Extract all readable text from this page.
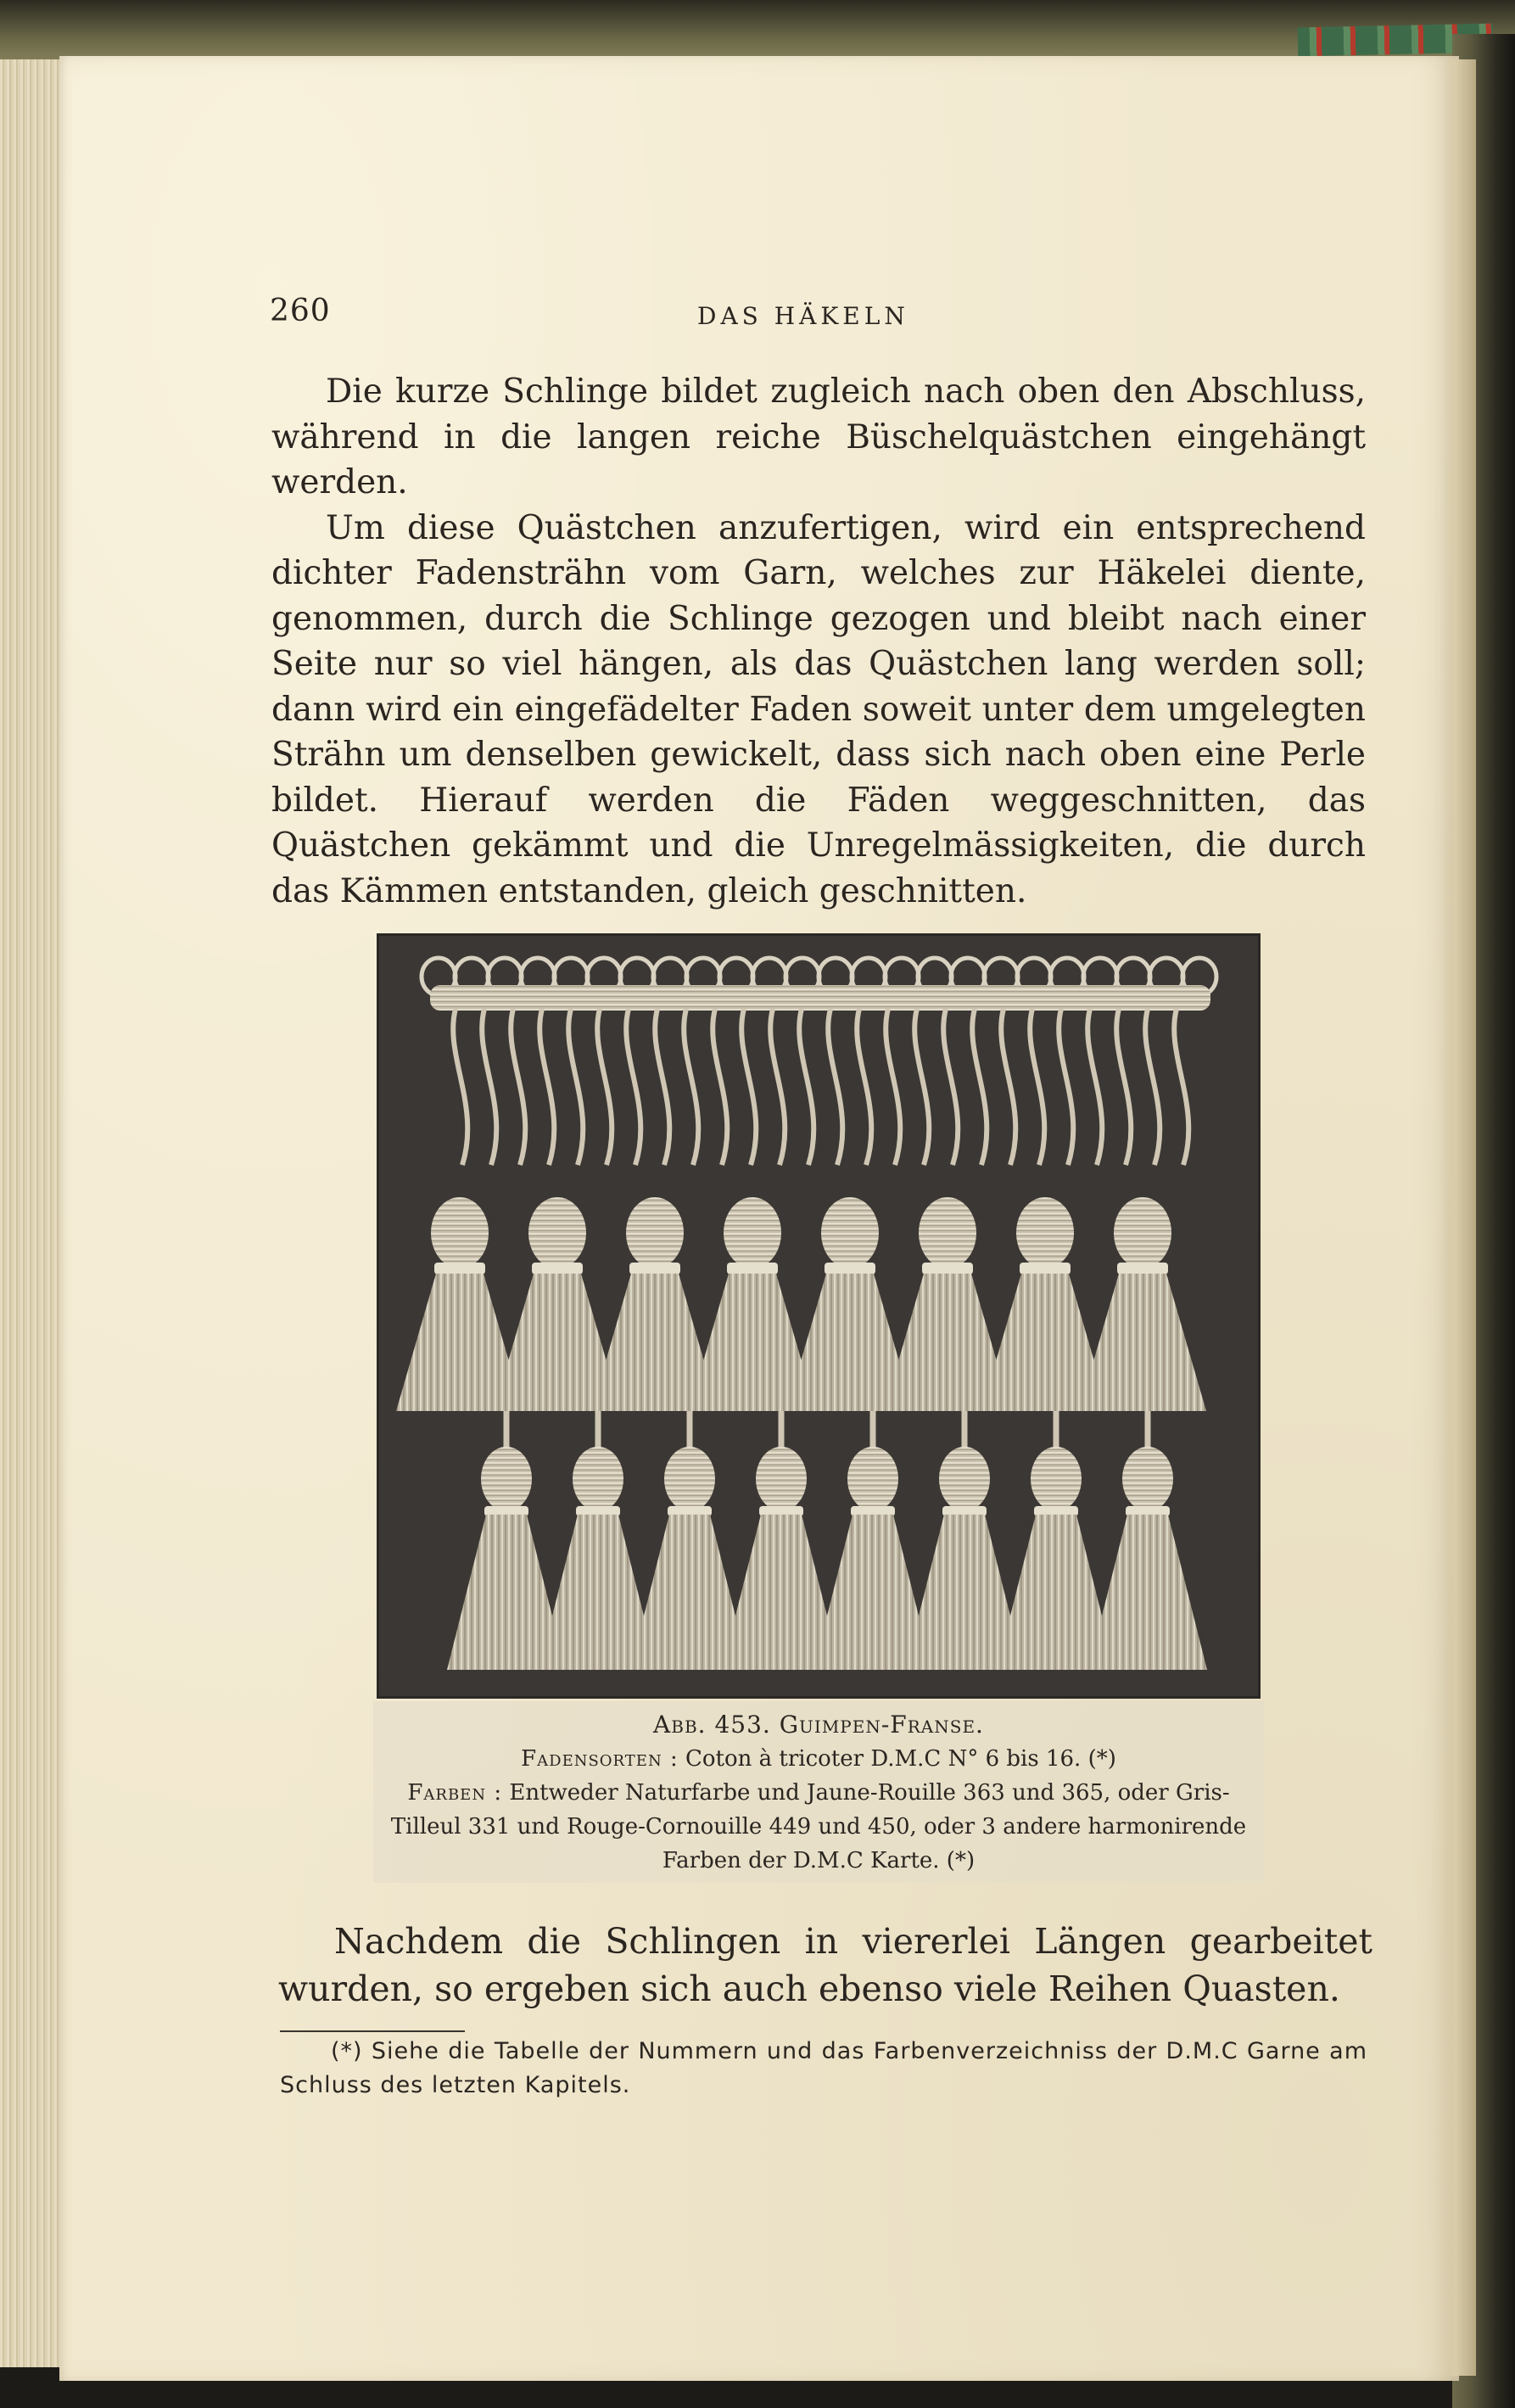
260	DAS HÄKELN

Die kurze Schlinge bildet zugleich nach oben den Abschluss, während in die langen reiche Büschelquästchen eingehängt werden.

Um diese Quästchen anzufertigen, wird ein entsprechend dichter Fadensträhn vom Garn, welches zur Häkelei diente, genommen, durch die Schlinge gezogen und bleibt nach einer Seite nur so viel hängen, als das Quästchen lang werden soll; dann wird ein eingefädelter Faden soweit unter dem umgelegten Strähn um denselben gewickelt, dass sich nach oben eine Perle bildet. Hierauf werden die Fäden weggeschnitten, das Quästchen gekämmt und die Unregelmässigkeiten, die durch das Kämmen entstanden, gleich geschnitten.

Abb. 453. Guimpen-Franse.
Fadensorten : Coton à tricoter D.M.C N° 6 bis 16. (*)
Farben : Entweder Naturfarbe und Jaune-Rouille 363 und 365, oder Gris-Tilleul 331 und Rouge-Cornouille 449 und 450, oder 3 andere harmonirende Farben der D.M.C Karte. (*)

Nachdem die Schlingen in viererlei Längen gearbeitet wurden, so ergeben sich auch ebenso viele Reihen Quasten.

(*) Siehe die Tabelle der Nummern und das Farbenverzeichniss der D.M.C Garne am Schluss des letzten Kapitels.
